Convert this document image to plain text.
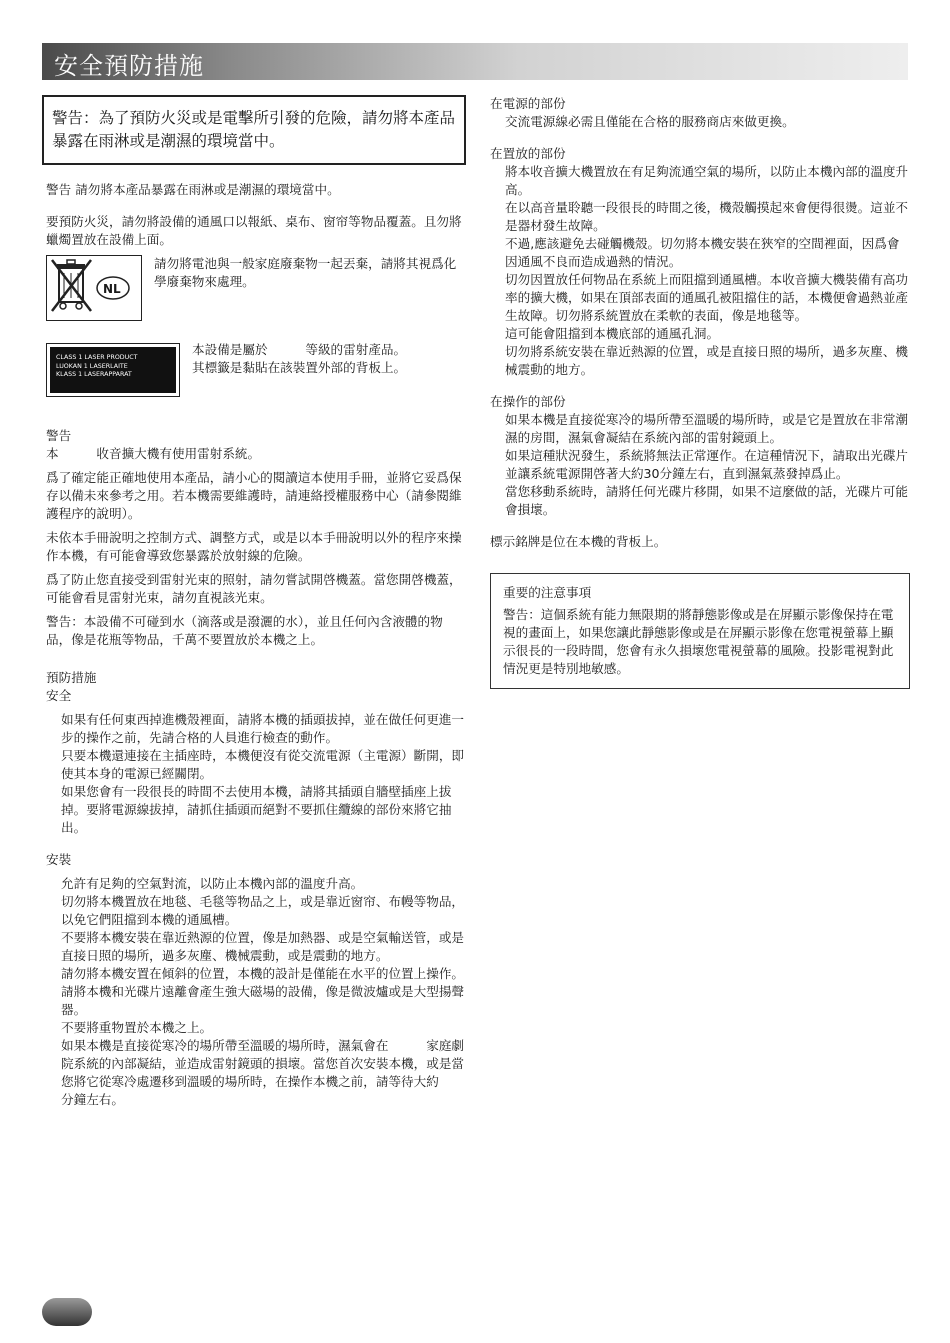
安全預防措施
警告：為了預防火災或是電擊所引發的危險，請勿將本產品暴露在雨淋或是潮濕的環境當中。

警告 請勿將本產品暴露在雨淋或是潮濕的環境當中。

要預防火災，請勿將設備的通風口以報紙、桌布、窗帘等物品覆蓋。且勿將蠟燭置放在設備上面。

NL
請勿將電池與一般家庭廢棄物一起丟棄，請將其視爲化學廢棄物來處理。
CLASS 1 LASER PRODUCT
LUOKAN 1 LASERLAITE
KLASS 1 LASERAPPARAT
本設備是屬於　　　等級的雷射產品。
其標籤是黏貼在該裝置外部的背板上。

警告

本　　　收音擴大機有使用雷射系統。

爲了確定能正確地使用本產品，請小心的閱讀這本使用手冊，並將它妥爲保存以備未來參考之用。若本機需要維護時，請連絡授權服務中心（請參閱維護程序的說明）。

未依本手冊說明之控制方式、調整方式，或是以本手冊說明以外的程序來操作本機，有可能會導致您暴露於放射線的危險。

爲了防止您直接受到雷射光束的照射，請勿嘗試開啓機蓋。當您開啓機蓋，可能會看見雷射光束，請勿直視該光束。

警告：本設備不可碰到水（滴落或是潑灑的水），並且任何內含液體的物品，像是花瓶等物品，千萬不要置放於本機之上。

預防措施

安全

如果有任何東西掉進機殼裡面，請將本機的插頭拔掉，並在做任何更進一步的操作之前，先請合格的人員進行檢查的動作。

只要本機還連接在主插座時，本機便沒有從交流電源（主電源）斷開，即使其本身的電源已經關閉。

如果您會有一段很長的時間不去使用本機，請將其插頭自牆壁插座上拔掉。要將電源線拔掉，請抓住插頭而絕對不要抓住纜線的部份來將它抽出。

安裝

允許有足夠的空氣對流，以防止本機內部的溫度升高。

切勿將本機置放在地毯、毛毯等物品之上，或是靠近窗帘、布幔等物品，以免它們阻擋到本機的通風槽。

不要將本機安裝在靠近熱源的位置，像是加熱器、或是空氣輸送管，或是直接日照的場所，過多灰塵、機械震動，或是震動的地方。

請勿將本機安置在傾斜的位置，本機的設計是僅能在水平的位置上操作。

請將本機和光碟片遠離會產生強大磁場的設備，像是微波爐或是大型揚聲器。

不要將重物置於本機之上。

如果本機是直接從寒冷的場所帶至溫暖的場所時，濕氣會在　　　家庭劇院系統的內部凝結，並造成雷射鏡頭的損壞。當您首次安裝本機，或是當您將它從寒冷處遷移到溫暖的場所時，在操作本機之前，請等待大約　　分鐘左右。

在電源的部份

交流電源線必需且僅能在合格的服務商店來做更換。

在置放的部份

將本收音擴大機置放在有足夠流通空氣的場所，以防止本機內部的溫度升高。

在以高音量聆聽一段很長的時間之後，機殼觸摸起來會便得很燙。這並不是器材發生故障。

不過,應該避免去碰觸機殼。切勿將本機安裝在狹窄的空間裡面，因爲會因通風不良而造成過熱的情況。

切勿因置放任何物品在系統上而阻擋到通風槽。本收音擴大機裝備有高功率的擴大機，如果在頂部表面的通風孔被阻擋住的話，本機便會過熱並產生故障。切勿將系統置放在柔軟的表面，像是地毯等。

這可能會阻擋到本機底部的通風孔洞。

切勿將系統安裝在靠近熱源的位置，或是直接日照的場所，過多灰塵、機械震動的地方。

在操作的部份

如果本機是直接從寒冷的場所帶至溫暖的場所時，或是它是置放在非常潮濕的房間，濕氣會凝結在系統內部的雷射鏡頭上。

如果這種狀況發生，系統將無法正常運作。在這種情況下，請取出光碟片並讓系統電源開啓著大約30分鐘左右，直到濕氣蒸發掉爲止。

當您移動系統時，請將任何光碟片移開，如果不這麼做的話，光碟片可能會損壞。

標示銘牌是位在本機的背板上。

重要的注意事項

警告：這個系統有能力無限期的將靜態影像或是在屏顯示影像保持在電視的畫面上，如果您讓此靜態影像或是在屏顯示影像在您電視螢幕上顯示很長的一段時間，您會有永久損壞您電視螢幕的風險。投影電視對此情況更是特別地敏感。
